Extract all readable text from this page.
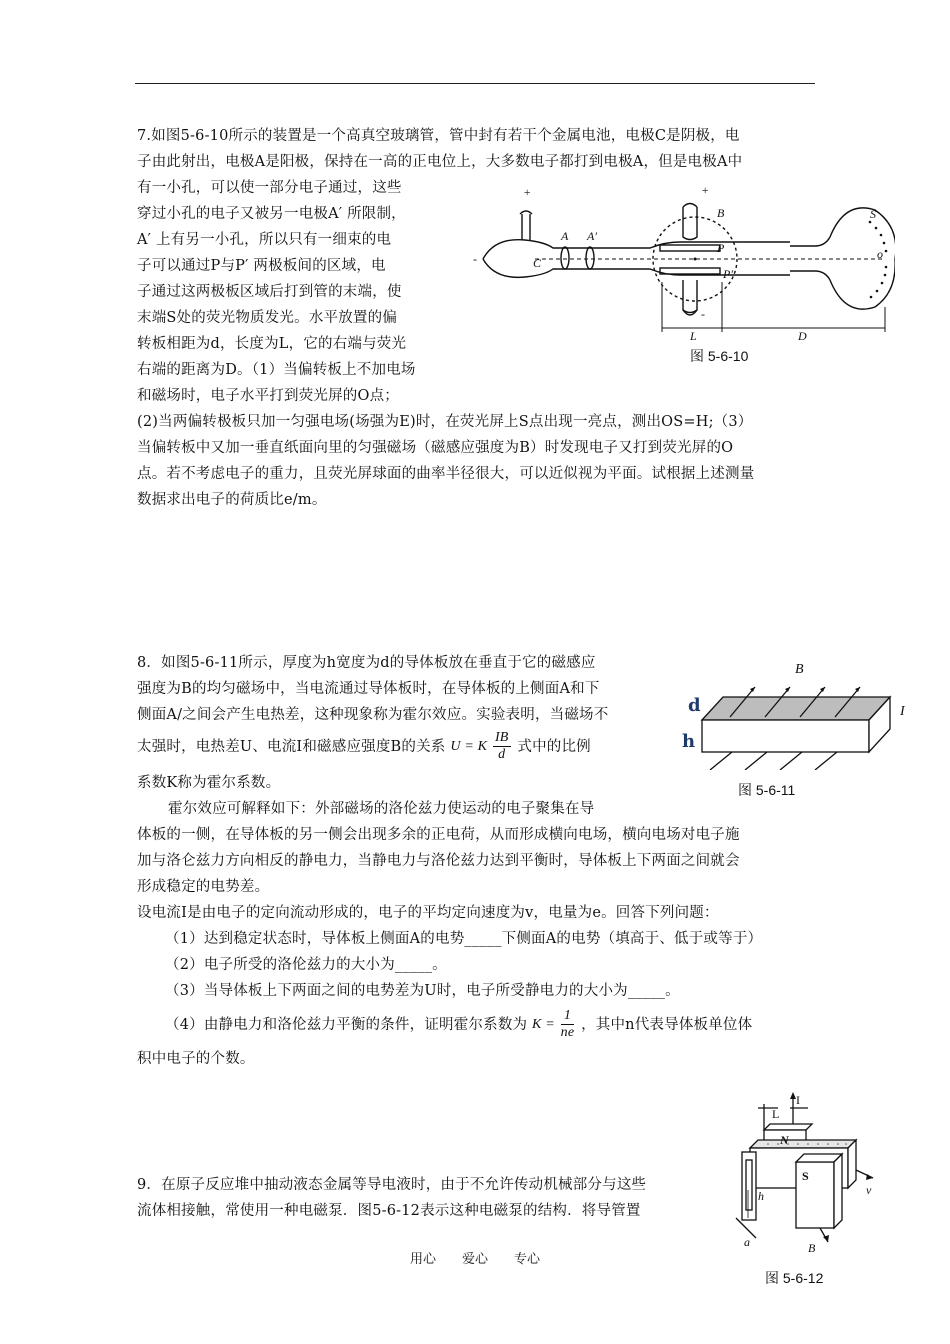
7.如图5-6-10所示的装置是一个高真空玻璃管，管中封有若干个金属电池，电极C是阴极，电
子由此射出，电极A是阳极，保持在一高的正电位上，大多数电子都打到电极A，但是电极A中
有一小孔，可以使一部分电子通过，这些
穿过小孔的电子又被另一电极A′ 所限制，
A′ 上有另一小孔，所以只有一细束的电
子可以通过P与P′ 两极板间的区域，电
子通过这两极板区域后打到管的末端，使
末端S处的荧光物质发光。水平放置的偏
转板相距为d，长度为L，它的右端与荧光
右端的距离为D。（1）当偏转板上不加电场
和磁场时，电子水平打到荧光屏的O点；
(2)当两偏转极板只加一匀强电场(场强为E)时，在荧光屏上S点出现一亮点，测出OS=H;（3）
当偏转板中又加一垂直纸面向里的匀强磁场（磁感应强度为B）时发现电子又打到荧光屏的O
点。若不考虑电子的重力，且荧光屏球面的曲率半径很大，可以近似视为平面。试根据上述测量
数据求出电子的荷质比e/m。
+
-	C
A A′
+
B
P
P′
-
S
o
L	D
图 5-6-10
8．如图5-6-11所示，厚度为h宽度为d的导体板放在垂直于它的磁感应
强度为B的均匀磁场中，当电流通过导体板时，在导体板的上侧面A和下
侧面A/之间会产生电热差，这种现象称为霍尔效应。实验表明，当磁场不
太强时，电热差U、电流I和磁感应强度B的关系 U = K $\frac{IB}{d}$ 式中的比例
系数K称为霍尔系数。
霍尔效应可解释如下：外部磁场的洛伦兹力使运动的电子聚集在导
体板的一侧，在导体板的另一侧会出现多余的正电荷，从而形成横向电场，横向电场对电子施
加与洛仑兹力方向相反的静电力，当静电力与洛伦兹力达到平衡时，导体板上下两面之间就会
形成稳定的电势差。
设电流I是由电子的定向流动形成的，电子的平均定向速度为v，电量为e。回答下列问题：
（1）达到稳定状态时，导体板上侧面A的电势_____下侧面A的电势（填高于、低于或等于）
（2）电子所受的洛伦兹力的大小为_____。
（3）当导体板上下两面之间的电势差为U时，电子所受静电力的大小为_____。
（4）由静电力和洛伦兹力平衡的条件，证明霍尔系数为 $K = \frac{1}{ne}$ ，其中n代表导体板单位体
积中电子的个数。
B
I
d
h
图 5-6-11
9．在原子反应堆中抽动液态金属等导电液时，由于不允许传动机械部分与这些
流体相接触，常使用一种电磁泵．图5-6-12表示这种电磁泵的结构．将导管置
L
I
N
S
h
a	B
v
图 5-6-12
用心　　爱心　　专心
